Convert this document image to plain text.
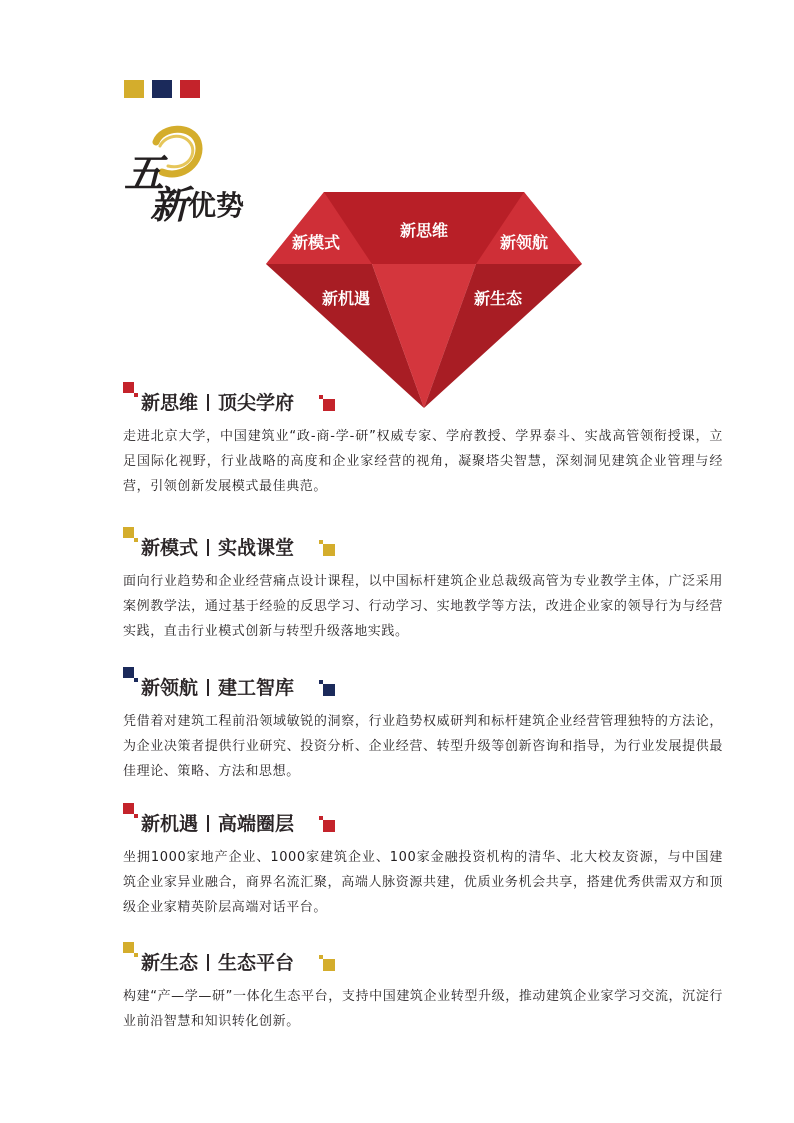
五
新 优势
新思维
新模式	新领航
新机遇	新生态
新思维 顶尖学府

走进北京大学，中国建筑业“政-商-学-研”权威专家、学府教授、学界泰斗、实战高管领衔授课，立足国际化视野，行业战略的高度和企业家经营的视角，凝聚塔尖智慧，深刻洞见建筑企业管理与经营，引领创新发展模式最佳典范。

新模式 实战课堂

面向行业趋势和企业经营痛点设计课程，以中国标杆建筑企业总裁级高管为专业教学主体，广泛采用案例教学法，通过基于经验的反思学习、行动学习、实地教学等方法，改进企业家的领导行为与经营实践，直击行业模式创新与转型升级落地实践。

新领航 建工智库

凭借着对建筑工程前沿领域敏锐的洞察，行业趋势权威研判和标杆建筑企业经营管理独特的方法论，为企业决策者提供行业研究、投资分析、企业经营、转型升级等创新咨询和指导，为行业发展提供最佳理论、策略、方法和思想。

新机遇 高端圈层

坐拥1000家地产企业、1000家建筑企业、100家金融投资机构的清华、北大校友资源，与中国建筑企业家异业融合，商界名流汇聚，高端人脉资源共建，优质业务机会共享，搭建优秀供需双方和顶级企业家精英阶层高端对话平台。

新生态 生态平台

构建“产—学—研”一体化生态平台，支持中国建筑企业转型升级，推动建筑企业家学习交流，沉淀行业前沿智慧和知识转化创新。
